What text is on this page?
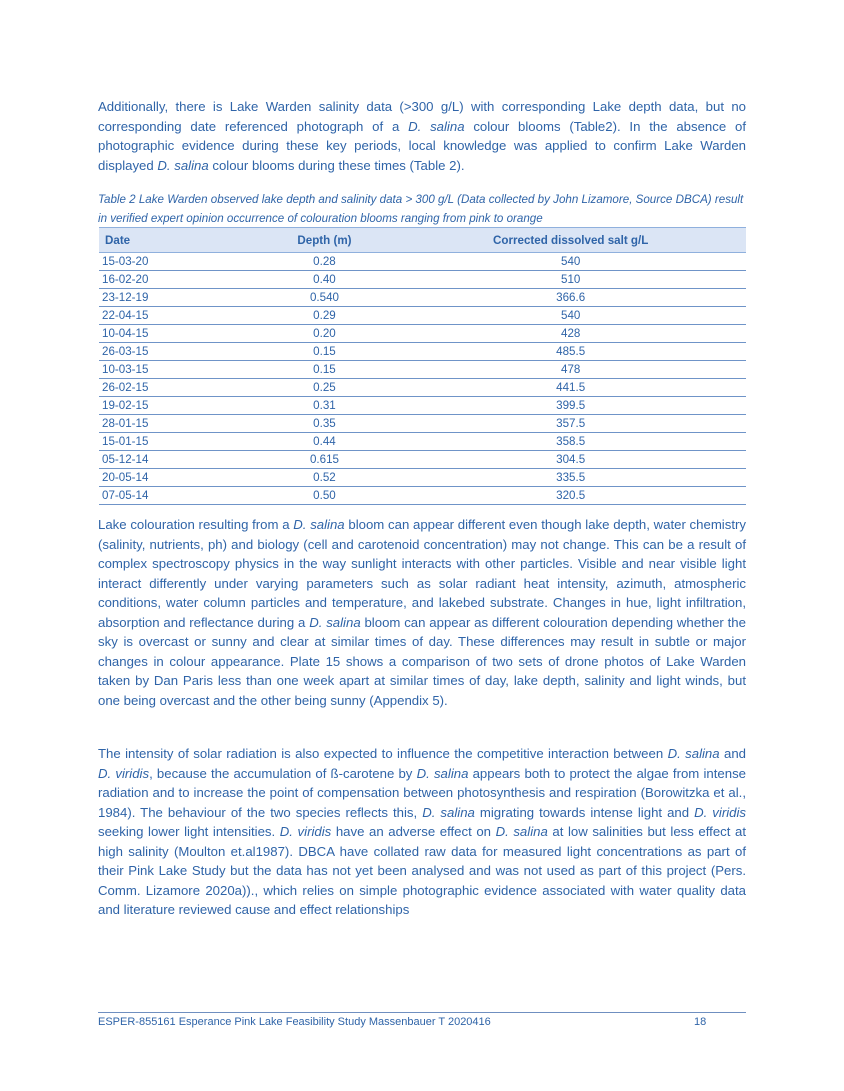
Additionally, there is Lake Warden salinity data (>300 g/L) with corresponding Lake depth data, but no corresponding date referenced photograph of a D. salina colour blooms (Table2). In the absence of photographic evidence during these key periods, local knowledge was applied to confirm Lake Warden displayed D. salina colour blooms during these times (Table 2).

Table 2 Lake Warden observed lake depth and salinity data > 300 g/L (Data collected by John Lizamore, Source DBCA) result in verified expert opinion occurrence of colouration blooms ranging from pink to orange

Date	Depth (m)	Corrected dissolved salt g/L
15-03-20	0.28	540
16-02-20	0.40	510
23-12-19	0.540	366.6
22-04-15	0.29	540
10-04-15	0.20	428
26-03-15	0.15	485.5
10-03-15	0.15	478
26-02-15	0.25	441.5
19-02-15	0.31	399.5
28-01-15	0.35	357.5
15-01-15	0.44	358.5
05-12-14	0.615	304.5
20-05-14	0.52	335.5
07-05-14	0.50	320.5

Lake colouration resulting from a D. salina bloom can appear different even though lake depth, water chemistry (salinity, nutrients, ph) and biology (cell and carotenoid concentration) may not change. This can be a result of complex spectroscopy physics in the way sunlight interacts with other particles. Visible and near visible light interact differently under varying parameters such as solar radiant heat intensity, azimuth, atmospheric conditions, water column particles and temperature, and lakebed substrate. Changes in hue, light infiltration, absorption and reflectance during a D. salina bloom can appear as different colouration depending whether the sky is overcast or sunny and clear at similar times of day. These differences may result in subtle or major changes in colour appearance. Plate 15 shows a comparison of two sets of drone photos of Lake Warden taken by Dan Paris less than one week apart at similar times of day, lake depth, salinity and light winds, but one being overcast and the other being sunny (Appendix 5).

The intensity of solar radiation is also expected to influence the competitive interaction between D. salina and D. viridis, because the accumulation of ß-carotene by D. salina appears both to protect the algae from intense radiation and to increase the point of compensation between photosynthesis and respiration (Borowitzka et al., 1984). The behaviour of the two species reflects this, D. salina migrating towards intense light and D. viridis seeking lower light intensities. D. viridis have an adverse effect on D. salina at low salinities but less effect at high salinity (Moulton et.al1987). DBCA have collated raw data for measured light concentrations as part of their Pink Lake Study but the data has not yet been analysed and was not used as part of this project (Pers. Comm. Lizamore 2020a))., which relies on simple photographic evidence associated with water quality data and literature reviewed cause and effect relationships

ESPER-855161 Esperance Pink Lake Feasibility Study Massenbauer T 2020416	18
